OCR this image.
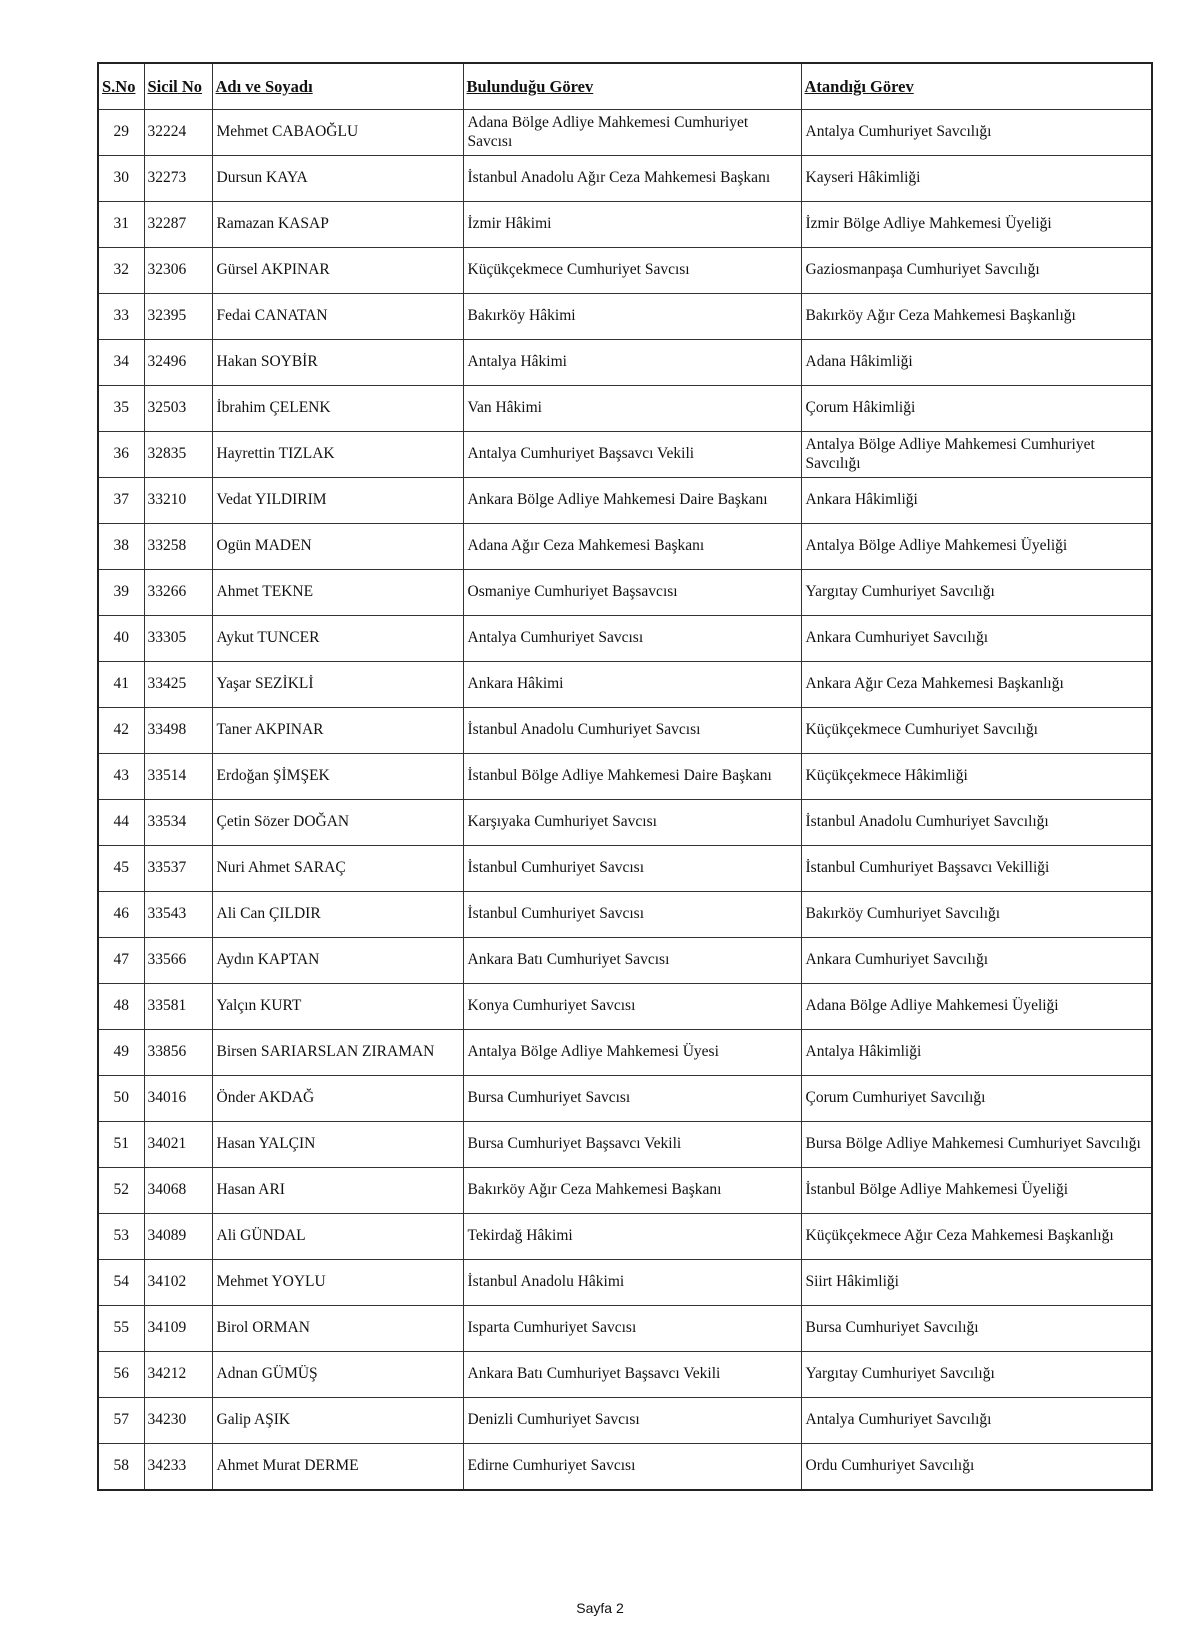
S.No	Sicil No	Adı ve Soyadı	Bulunduğu Görev	Atandığı Görev
29	32224	Mehmet CABAOĞLU	Adana Bölge Adliye Mahkemesi Cumhuriyet Savcısı	Antalya Cumhuriyet Savcılığı
30	32273	Dursun KAYA	İstanbul Anadolu Ağır Ceza Mahkemesi Başkanı	Kayseri Hâkimliği
31	32287	Ramazan KASAP	İzmir Hâkimi	İzmir Bölge Adliye Mahkemesi Üyeliği
32	32306	Gürsel AKPINAR	Küçükçekmece Cumhuriyet Savcısı	Gaziosmanpaşa Cumhuriyet Savcılığı
33	32395	Fedai CANATAN	Bakırköy Hâkimi	Bakırköy Ağır Ceza Mahkemesi Başkanlığı
34	32496	Hakan SOYBİR	Antalya Hâkimi	Adana Hâkimliği
35	32503	İbrahim ÇELENK	Van Hâkimi	Çorum Hâkimliği
36	32835	Hayrettin TIZLAK	Antalya Cumhuriyet Başsavcı Vekili	Antalya Bölge Adliye Mahkemesi Cumhuriyet Savcılığı
37	33210	Vedat YILDIRIM	Ankara Bölge Adliye Mahkemesi Daire Başkanı	Ankara Hâkimliği
38	33258	Ogün MADEN	Adana Ağır Ceza Mahkemesi Başkanı	Antalya Bölge Adliye Mahkemesi Üyeliği
39	33266	Ahmet TEKNE	Osmaniye Cumhuriyet Başsavcısı	Yargıtay Cumhuriyet Savcılığı
40	33305	Aykut TUNCER	Antalya Cumhuriyet Savcısı	Ankara Cumhuriyet Savcılığı
41	33425	Yaşar SEZİKLİ	Ankara Hâkimi	Ankara Ağır Ceza Mahkemesi Başkanlığı
42	33498	Taner AKPINAR	İstanbul Anadolu Cumhuriyet Savcısı	Küçükçekmece Cumhuriyet Savcılığı
43	33514	Erdoğan ŞİMŞEK	İstanbul Bölge Adliye Mahkemesi Daire Başkanı	Küçükçekmece Hâkimliği
44	33534	Çetin Sözer DOĞAN	Karşıyaka Cumhuriyet Savcısı	İstanbul Anadolu Cumhuriyet Savcılığı
45	33537	Nuri Ahmet SARAÇ	İstanbul Cumhuriyet Savcısı	İstanbul Cumhuriyet Başsavcı Vekilliği
46	33543	Ali Can ÇILDIR	İstanbul Cumhuriyet Savcısı	Bakırköy Cumhuriyet Savcılığı
47	33566	Aydın KAPTAN	Ankara Batı Cumhuriyet Savcısı	Ankara Cumhuriyet Savcılığı
48	33581	Yalçın KURT	Konya Cumhuriyet Savcısı	Adana Bölge Adliye Mahkemesi Üyeliği
49	33856	Birsen SARIARSLAN ZIRAMAN	Antalya Bölge Adliye Mahkemesi Üyesi	Antalya Hâkimliği
50	34016	Önder AKDAĞ	Bursa Cumhuriyet Savcısı	Çorum Cumhuriyet Savcılığı
51	34021	Hasan YALÇIN	Bursa Cumhuriyet Başsavcı Vekili	Bursa Bölge Adliye Mahkemesi Cumhuriyet Savcılığı
52	34068	Hasan ARI	Bakırköy Ağır Ceza Mahkemesi Başkanı	İstanbul Bölge Adliye Mahkemesi Üyeliği
53	34089	Ali GÜNDAL	Tekirdağ Hâkimi	Küçükçekmece Ağır Ceza Mahkemesi Başkanlığı
54	34102	Mehmet YOYLU	İstanbul Anadolu Hâkimi	Siirt Hâkimliği
55	34109	Birol ORMAN	Isparta Cumhuriyet Savcısı	Bursa Cumhuriyet Savcılığı
56	34212	Adnan GÜMÜŞ	Ankara Batı Cumhuriyet Başsavcı Vekili	Yargıtay Cumhuriyet Savcılığı
57	34230	Galip AŞIK	Denizli Cumhuriyet Savcısı	Antalya Cumhuriyet Savcılığı
58	34233	Ahmet Murat DERME	Edirne Cumhuriyet Savcısı	Ordu Cumhuriyet Savcılığı
Sayfa 2
